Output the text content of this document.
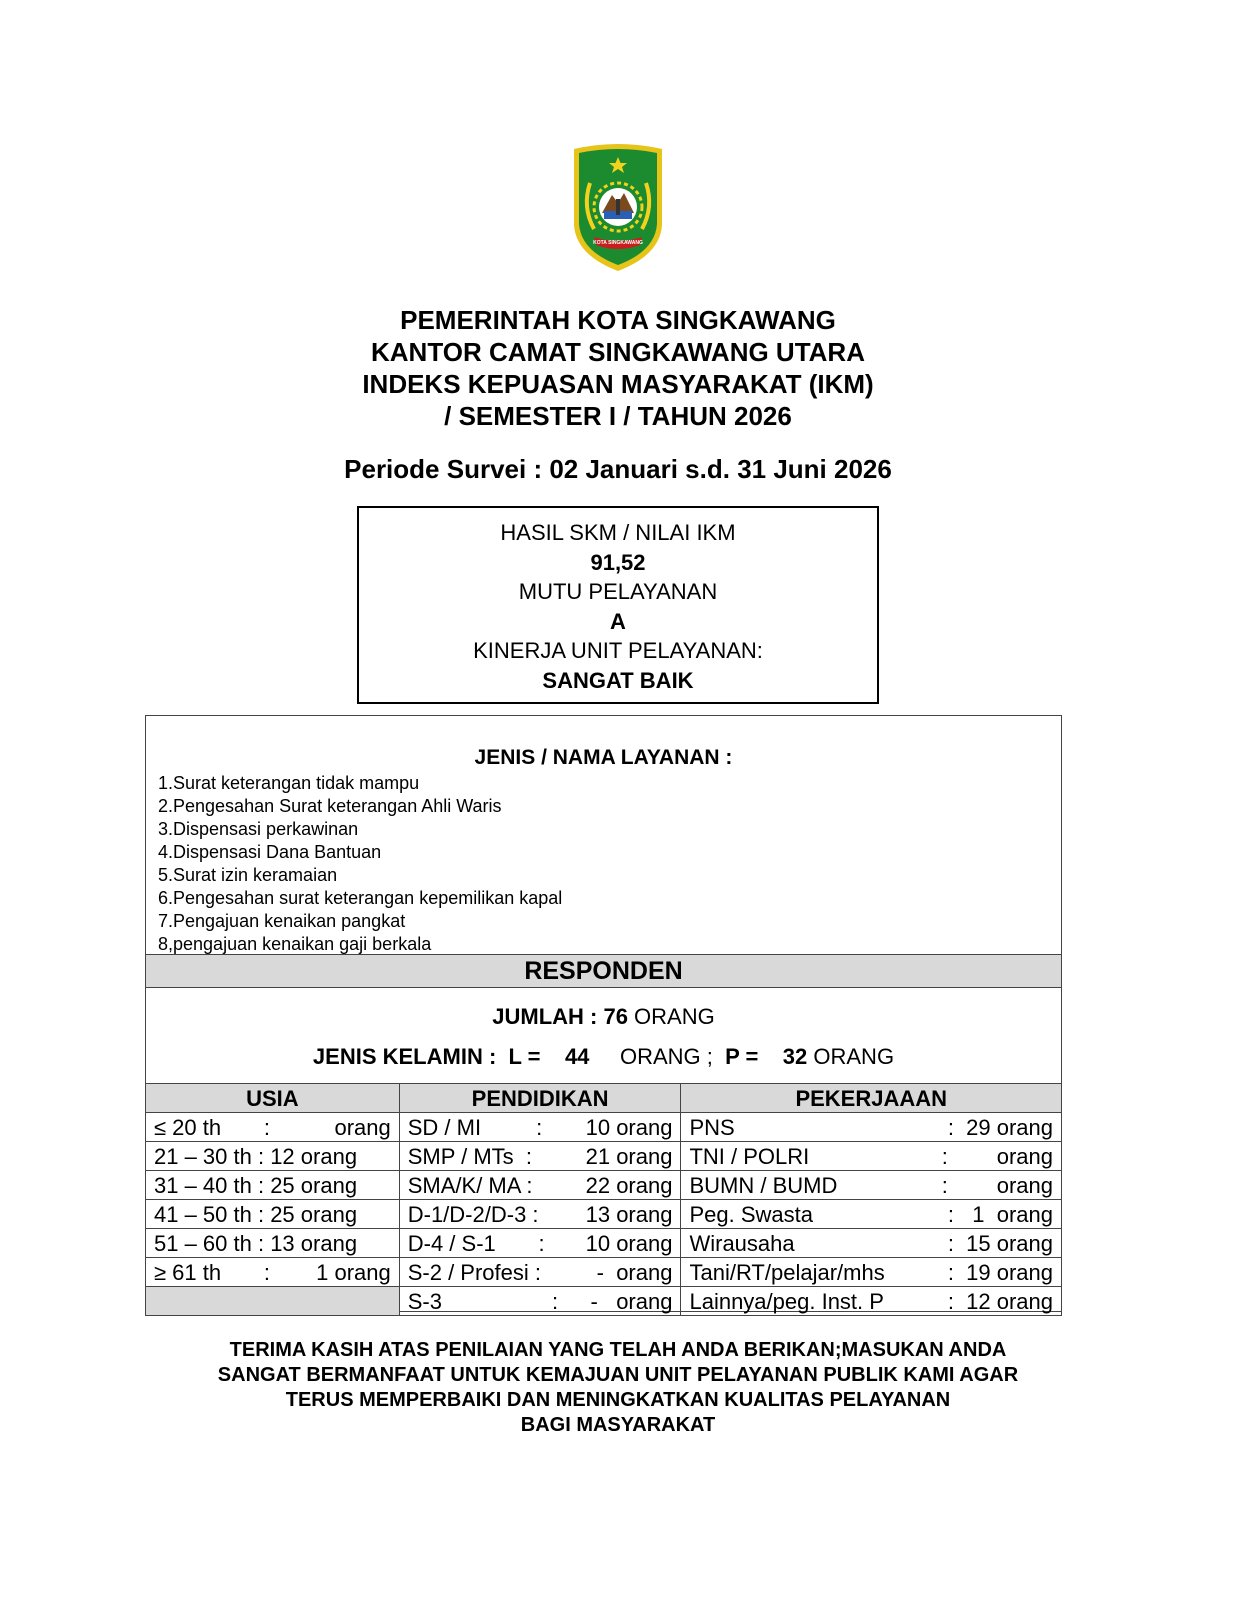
KOTA SINGKAWANG
PEMERINTAH KOTA SINGKAWANG
KANTOR CAMAT SINGKAWANG UTARA
INDEKS KEPUASAN MASYARAKAT (IKM)
/ SEMESTER I / TAHUN 2026
Periode Survei : 02 Januari s.d. 31 Juni 2026
HASIL SKM / NILAI IKM
91,52
MUTU PELAYANAN
A
KINERJA UNIT PELAYANAN:
SANGAT BAIK
JENIS / NAMA LAYANAN :
1.Surat keterangan tidak mampu
2.Pengesahan Surat keterangan Ahli Waris
3.Dispensasi perkawinan
4.Dispensasi Dana Bantuan
5.Surat izin keramaian
6.Pengesahan surat keterangan kepemilikan kapal
7.Pengajuan kenaikan pangkat
8,pengajuan kenaikan gaji berkala
RESPONDEN
JUMLAH : 76 ORANG
JENIS KELAMIN :  L =    44     ORANG ;  P =    32 ORANG
USIA	PENDIDIKAN	PEKERJAAAN

≤ 20 th       : orang	SD / MI         : 10 orang	PNS :  29 orang

21 – 30 th : 12 orang	SMP / MTs  : 21 orang	TNI / POLRI :        orang

31 – 40 th : 25 orang	SMA/K/ MA : 22 orang	BUMN / BUMD :        orang

41 – 50 th : 25 orang	D-1/D-2/D-3 : 13 orang	Peg. Swasta :   1  orang

51 – 60 th : 13 orang	D-4 / S-1       : 10 orang	Wirausaha :  15 orang

≥ 61 th       : 1 orang	S-2 / Profesi : -  orang	Tani/RT/pelajar/mhs :  19 orang

	S-3                  : -   orang	Lainnya/peg. Inst. P :  12 orang
TERIMA KASIH ATAS PENILAIAN YANG TELAH ANDA BERIKAN;MASUKAN ANDA
SANGAT BERMANFAAT UNTUK KEMAJUAN UNIT PELAYANAN PUBLIK KAMI AGAR
TERUS MEMPERBAIKI DAN MENINGKATKAN KUALITAS PELAYANAN
BAGI MASYARAKAT
